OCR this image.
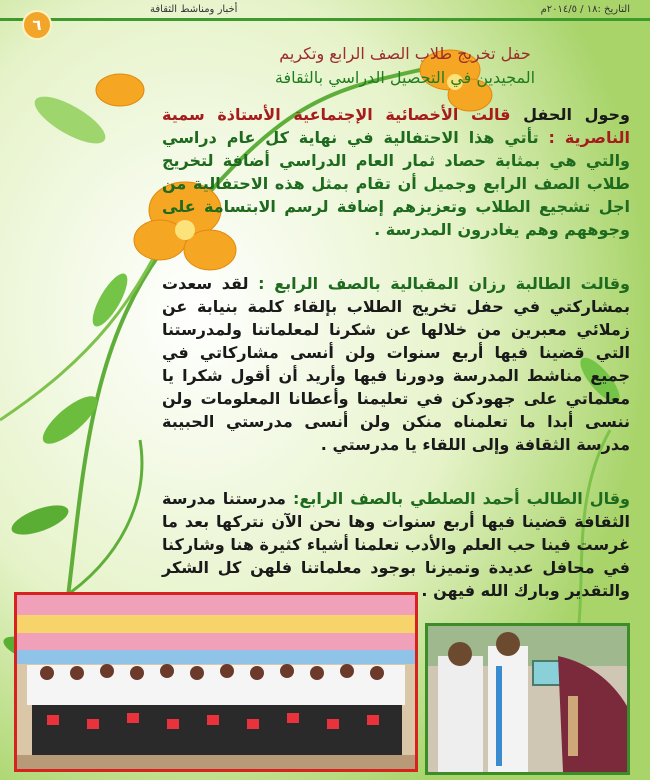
٦
أخبار ومناشط الثقافة	التاريخ :١٨ / ٢٠١٤/٥م
حفل تخريج طلاب الصف الرابع وتكريم
المجيدين في التحصيل الدراسي بالثقافة
وحول الحفل قالت الأخصائية الإجتماعية الأستاذة سمية الناصرية : تأتي هذا الاحتفالية في نهاية كل عام دراسي والتي هي بمثابة حصاد ثمار العام الدراسي أضافة لتخريج طلاب الصف الرابع وجميل أن تقام بمثل هذه الاحتفالية من اجل تشجيع الطلاب وتعزيزهم إضافة لرسم الابتسامة على وجوههم وهم يغادرون المدرسة .
وقالت الطالبة رزان المقبالية بالصف الرابع : لقد سعدت بمشاركتي في حفل تخريج الطلاب بإلقاء كلمة بنيابة عن زملائي معبرين من خلالها عن شكرنا لمعلماتنا ولمدرستنا التي قضينا فيها أربع سنوات ولن أنسى مشاركاتي في جميع مناشط المدرسة ودورنا فيها وأريد أن أقول شكرا يا معلماتي على جهودكن في تعليمنا وأعطانا المعلومات ولن ننسى أبدا ما تعلمناه منكن ولن أنسى مدرستي الحبيبة مدرسة الثقافة وإلى اللقاء يا مدرستي .
وقال الطالب أحمد الصلطي بالصف الرابع: مدرستنا مدرسة الثقافة قضينا فيها أربع سنوات وها نحن الآن نتركها بعد ما غرست فينا حب العلم والأدب تعلمنا أشياء كثيرة هنا وشاركنا في محافل عديدة وتميزنا بوجود معلماتنا فلهن كل الشكر والتقدير وبارك الله فيهن .
